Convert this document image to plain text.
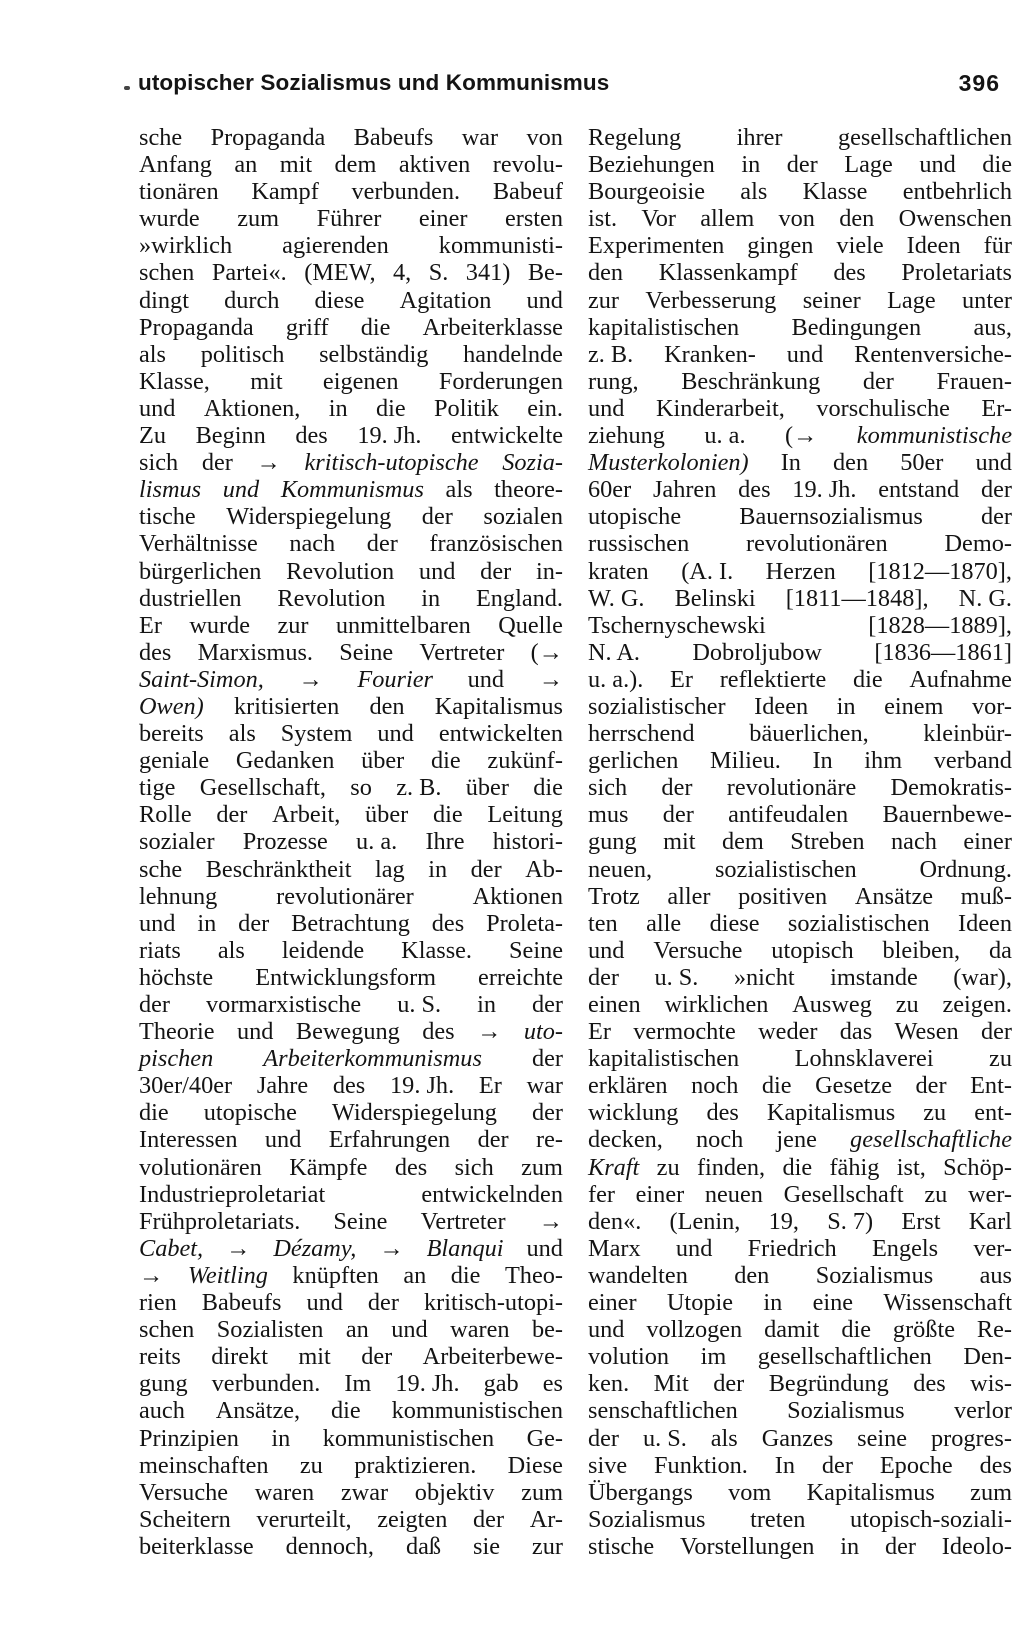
utopischer Sozialismus und Kommunismus	396
sche Propaganda Babeufs war von
Anfang an mit dem aktiven revolu-
tionären Kampf verbunden. Babeuf
wurde zum Führer einer ersten
»wirklich agierenden kommunisti-
schen Partei«. (MEW, 4, S. 341) Be-
dingt durch diese Agitation und
Propaganda griff die Arbeiterklasse
als politisch selbständig handelnde
Klasse, mit eigenen Forderungen
und Aktionen, in die Politik ein.
Zu Beginn des 19. Jh. entwickelte
sich der → kritisch-utopische Sozia-
lismus und Kommunismus als theore-
tische Widerspiegelung der sozialen
Verhältnisse nach der französischen
bürgerlichen Revolution und der in-
dustriellen Revolution in England.
Er wurde zur unmittelbaren Quelle
des Marxismus. Seine Vertreter (→
Saint-Simon, → Fourier und →
Owen) kritisierten den Kapitalismus
bereits als System und entwickelten
geniale Gedanken über die zukünf-
tige Gesellschaft, so z. B. über die
Rolle der Arbeit, über die Leitung
sozialer Prozesse u. a. Ihre histori-
sche Beschränktheit lag in der Ab-
lehnung revolutionärer Aktionen
und in der Betrachtung des Proleta-
riats als leidende Klasse. Seine
höchste Entwicklungsform erreichte
der vormarxistische u. S. in der
Theorie und Bewegung des → uto-
pischen Arbeiterkommunismus der
30er/40er Jahre des 19. Jh. Er war
die utopische Widerspiegelung der
Interessen und Erfahrungen der re-
volutionären Kämpfe des sich zum
Industrieproletariat	entwickelnden
Frühproletariats. Seine Vertreter →
Cabet, → Dézamy, → Blanqui und
→ Weitling knüpften an die Theo-
rien Babeufs und der kritisch-utopi-
schen Sozialisten an und waren be-
reits direkt mit der Arbeiterbewe-
gung verbunden. Im 19. Jh. gab es
auch Ansätze, die kommunistischen
Prinzipien in kommunistischen Ge-
meinschaften zu praktizieren. Diese
Versuche waren zwar objektiv zum
Scheitern verurteilt, zeigten der Ar-
beiterklasse dennoch, daß sie zur
Regelung ihrer gesellschaftlichen
Beziehungen in der Lage und die
Bourgeoisie als Klasse entbehrlich
ist. Vor allem von den Owenschen
Experimenten gingen viele Ideen für
den Klassenkampf des Proletariats
zur Verbesserung seiner Lage unter
kapitalistischen Bedingungen aus,
z. B. Kranken- und Rentenversiche-
rung, Beschränkung der Frauen-
und Kinderarbeit, vorschulische Er-
ziehung u. a. (→ kommunistische
Musterkolonien) In den 50er und
60er Jahren des 19. Jh. entstand der
utopische Bauernsozialismus der
russischen revolutionären Demo-
kraten (A. I. Herzen [1812—1870],
W. G. Belinski [1811—1848], N. G.
Tschernyschewski	[1828—1889],
N. A. Dobroljubow [1836—1861]
u. a.). Er reflektierte die Aufnahme
sozialistischer Ideen in einem vor-
herrschend bäuerlichen, kleinbür-
gerlichen Milieu. In ihm verband
sich der revolutionäre Demokratis-
mus der antifeudalen Bauernbewe-
gung mit dem Streben nach einer
neuen,	sozialistischen	Ordnung.
Trotz aller positiven Ansätze muß-
ten alle diese sozialistischen Ideen
und Versuche utopisch bleiben, da
der u. S. »nicht imstande (war),
einen wirklichen Ausweg zu zeigen.
Er vermochte weder das Wesen der
kapitalistischen Lohnsklaverei zu
erklären noch die Gesetze der Ent-
wicklung des Kapitalismus zu ent-
decken, noch jene gesellschaftliche
Kraft zu finden, die fähig ist, Schöp-
fer einer neuen Gesellschaft zu wer-
den«. (Lenin, 19, S. 7) Erst Karl
Marx und Friedrich Engels ver-
wandelten den Sozialismus aus
einer Utopie in eine Wissenschaft
und vollzogen damit die größte Re-
volution im gesellschaftlichen Den-
ken. Mit der Begründung des wis-
senschaftlichen Sozialismus verlor
der u. S. als Ganzes seine progres-
sive Funktion. In der Epoche des
Übergangs vom Kapitalismus zum
Sozialismus treten utopisch-soziali-
stische Vorstellungen in der Ideolo-
